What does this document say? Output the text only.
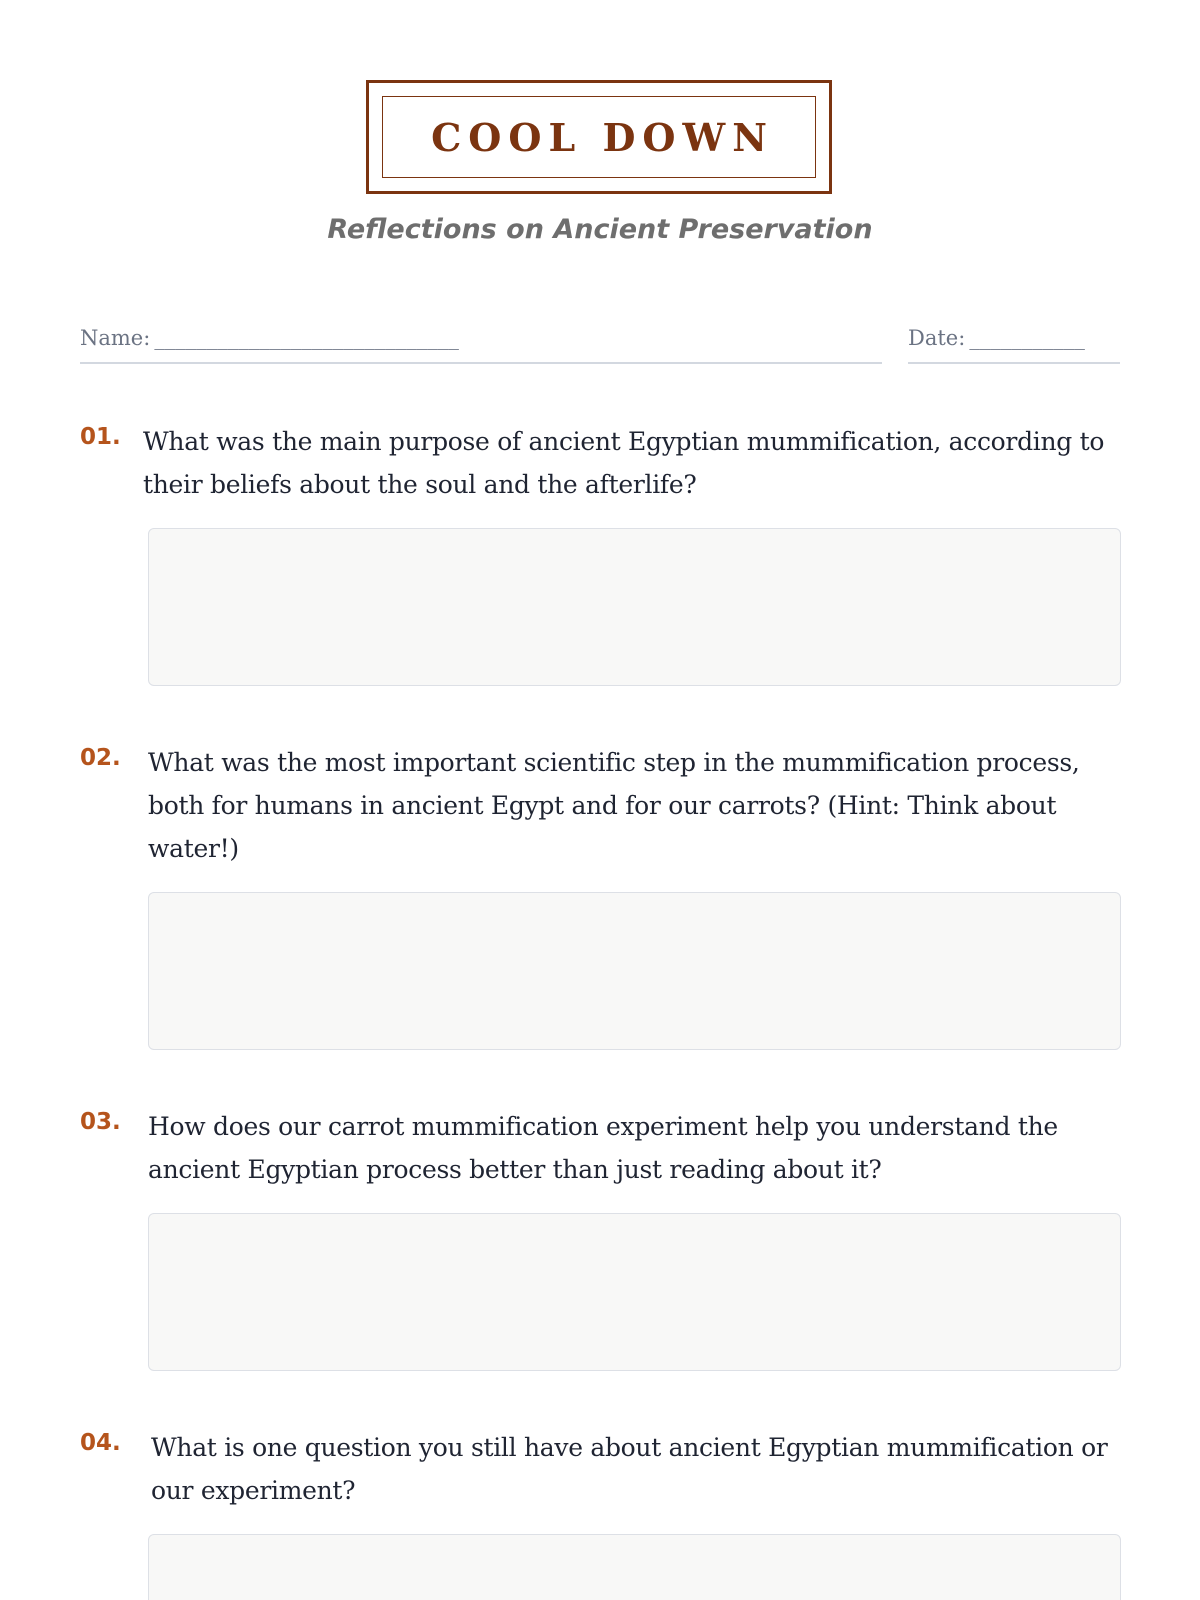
COOL DOWN
Reflections on Ancient Preservation
Name: _____________________________	Date: ___________
01. What was the main purpose of ancient Egyptian mummification, according to their beliefs about the soul and the afterlife?
02. What was the most important scientific step in the mummification process, both for humans in ancient Egypt and for our carrots? (Hint: Think about water!)
03. How does our carrot mummification experiment help you understand the ancient Egyptian process better than just reading about it?
04. What is one question you still have about ancient Egyptian mummification or our experiment?
